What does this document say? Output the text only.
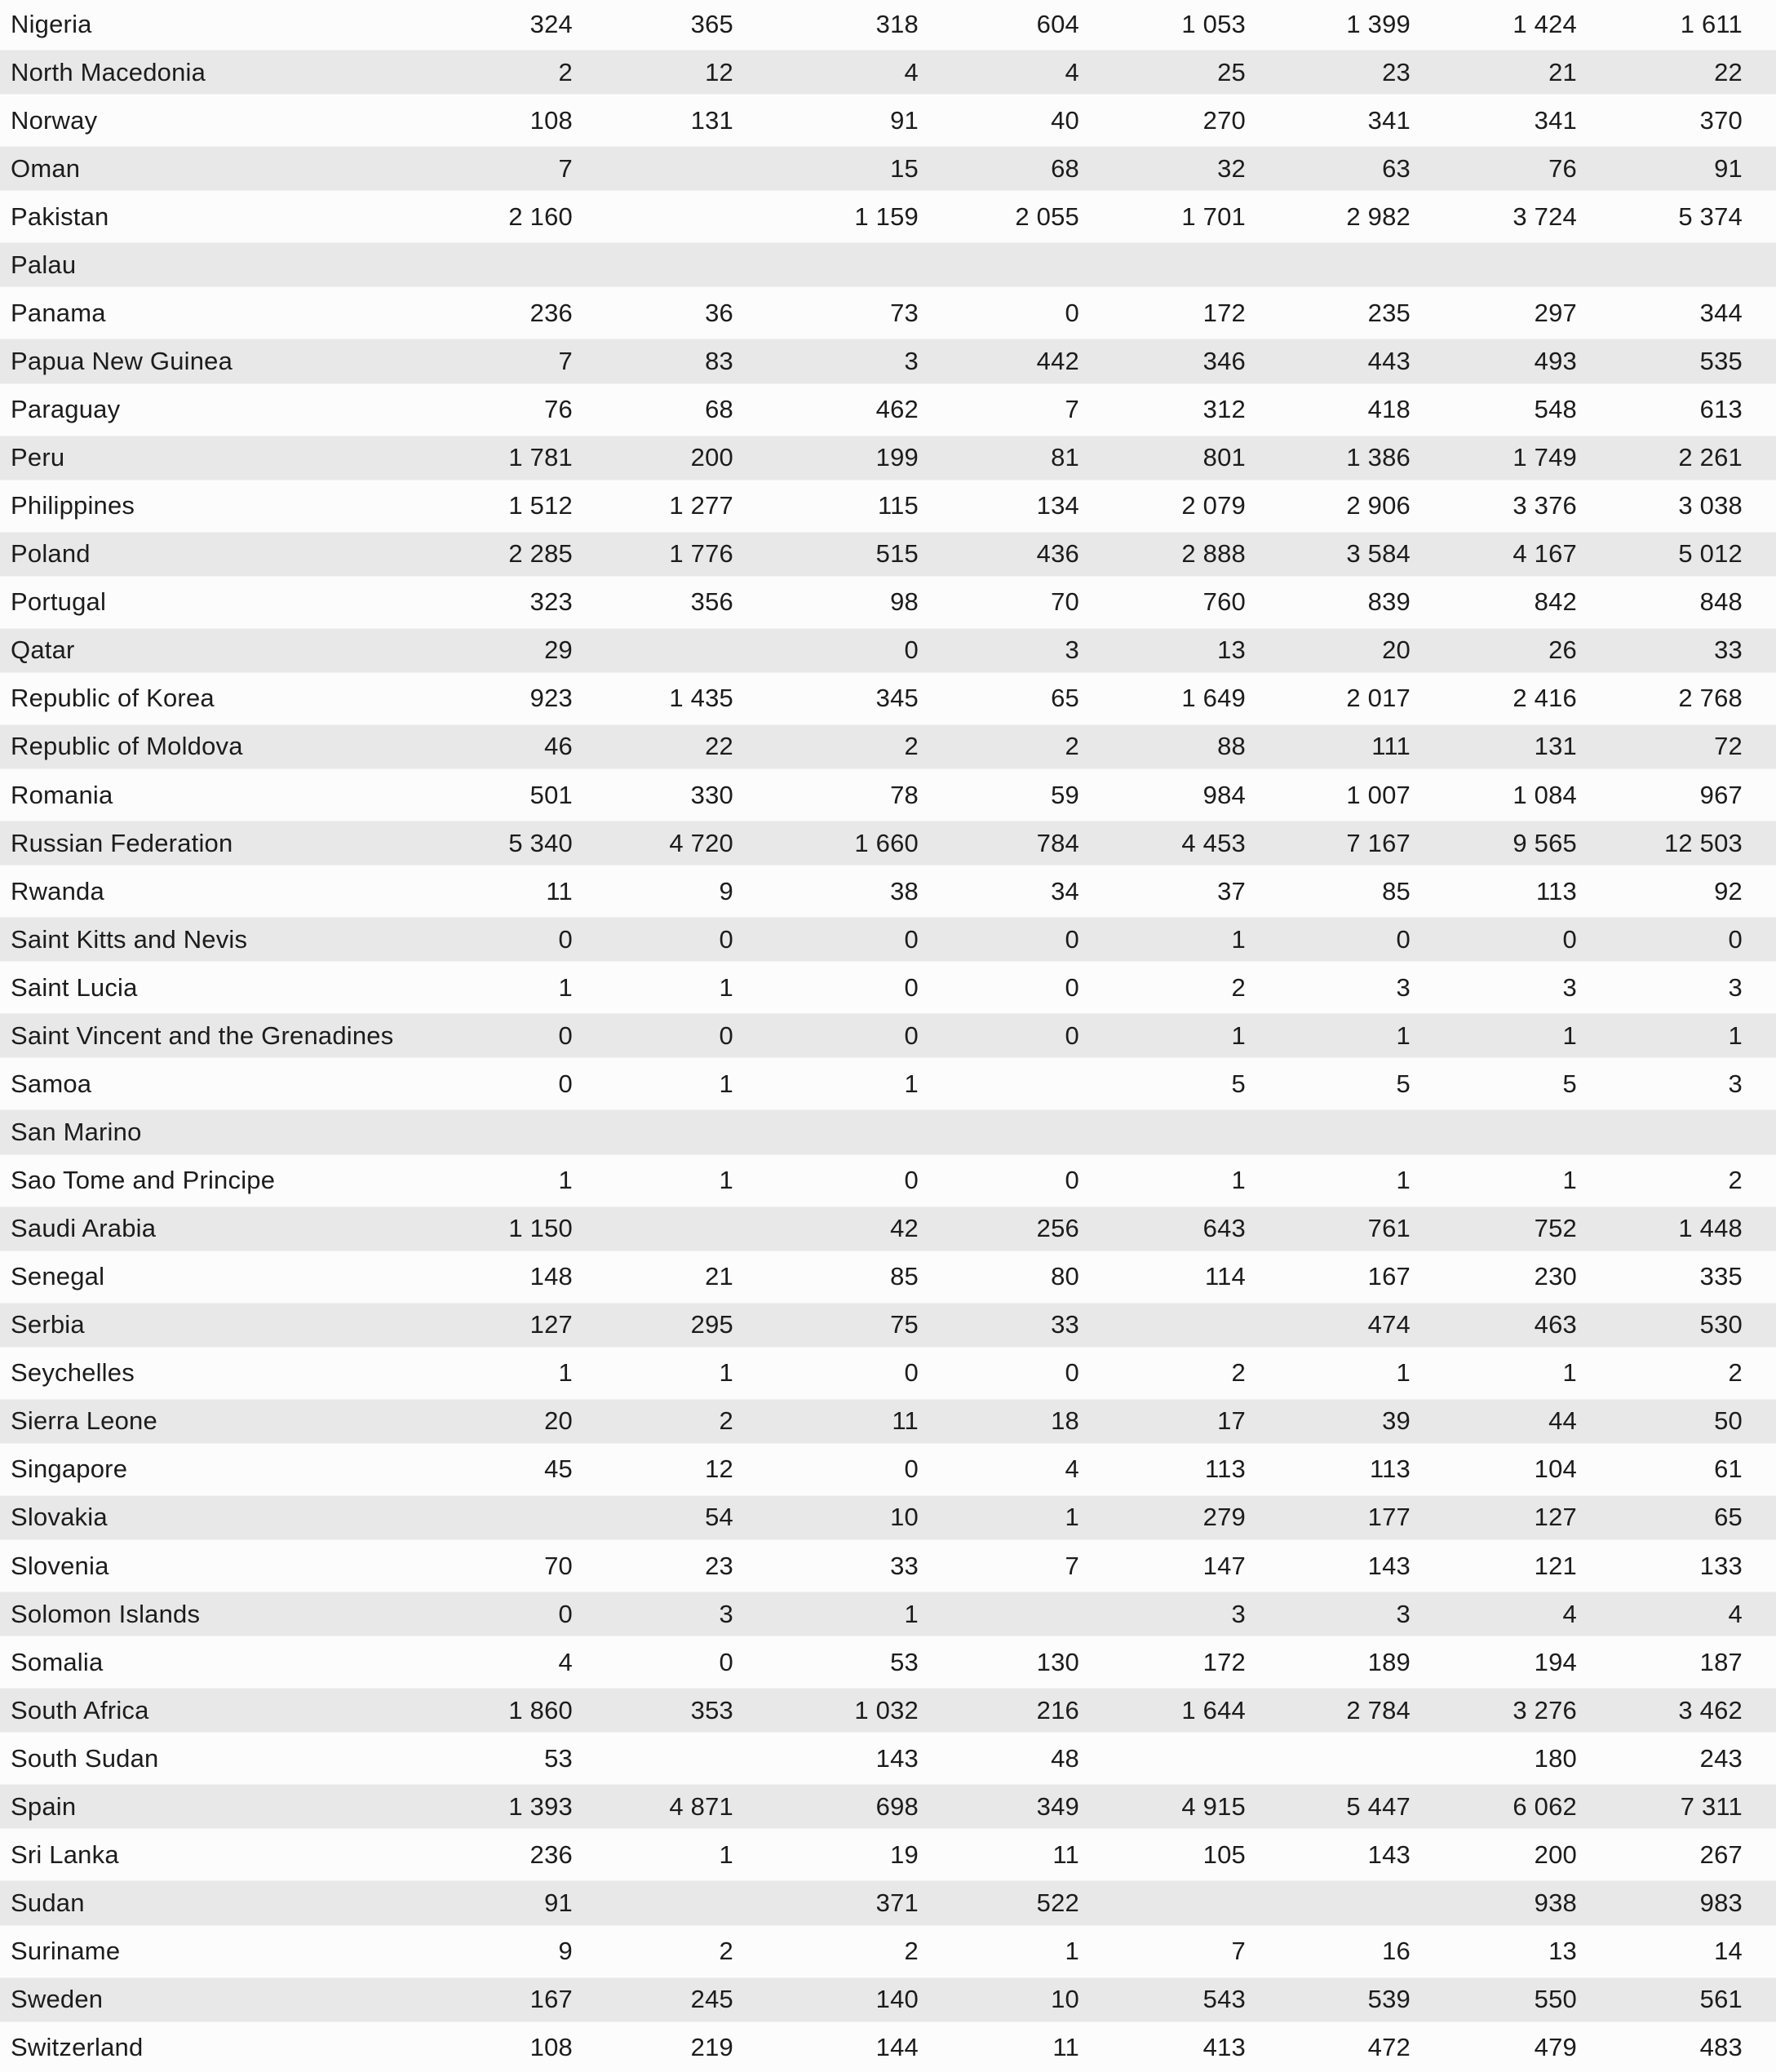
Nigeria	324	365	318	604	1 053	1 399	1 424	1 611
North Macedonia	2	12	4	4	25	23	21	22
Norway	108	131	91	40	270	341	341	370
Oman	7		15	68	32	63	76	91
Pakistan	2 160		1 159	2 055	1 701	2 982	3 724	5 374
Palau								
Panama	236	36	73	0	172	235	297	344
Papua New Guinea	7	83	3	442	346	443	493	535
Paraguay	76	68	462	7	312	418	548	613
Peru	1 781	200	199	81	801	1 386	1 749	2 261
Philippines	1 512	1 277	115	134	2 079	2 906	3 376	3 038
Poland	2 285	1 776	515	436	2 888	3 584	4 167	5 012
Portugal	323	356	98	70	760	839	842	848
Qatar	29		0	3	13	20	26	33
Republic of Korea	923	1 435	345	65	1 649	2 017	2 416	2 768
Republic of Moldova	46	22	2	2	88	111	131	72
Romania	501	330	78	59	984	1 007	1 084	967
Russian Federation	5 340	4 720	1 660	784	4 453	7 167	9 565	12 503
Rwanda	11	9	38	34	37	85	113	92
Saint Kitts and Nevis	0	0	0	0	1	0	0	0
Saint Lucia	1	1	0	0	2	3	3	3
Saint Vincent and the Grenadines	0	0	0	0	1	1	1	1
Samoa	0	1	1		5	5	5	3
San Marino								
Sao Tome and Principe	1	1	0	0	1	1	1	2
Saudi Arabia	1 150		42	256	643	761	752	1 448
Senegal	148	21	85	80	114	167	230	335
Serbia	127	295	75	33		474	463	530
Seychelles	1	1	0	0	2	1	1	2
Sierra Leone	20	2	11	18	17	39	44	50
Singapore	45	12	0	4	113	113	104	61
Slovakia		54	10	1	279	177	127	65
Slovenia	70	23	33	7	147	143	121	133
Solomon Islands	0	3	1		3	3	4	4
Somalia	4	0	53	130	172	189	194	187
South Africa	1 860	353	1 032	216	1 644	2 784	3 276	3 462
South Sudan	53		143	48			180	243
Spain	1 393	4 871	698	349	4 915	5 447	6 062	7 311
Sri Lanka	236	1	19	11	105	143	200	267
Sudan	91		371	522			938	983
Suriname	9	2	2	1	7	16	13	14
Sweden	167	245	140	10	543	539	550	561
Switzerland	108	219	144	11	413	472	479	483
